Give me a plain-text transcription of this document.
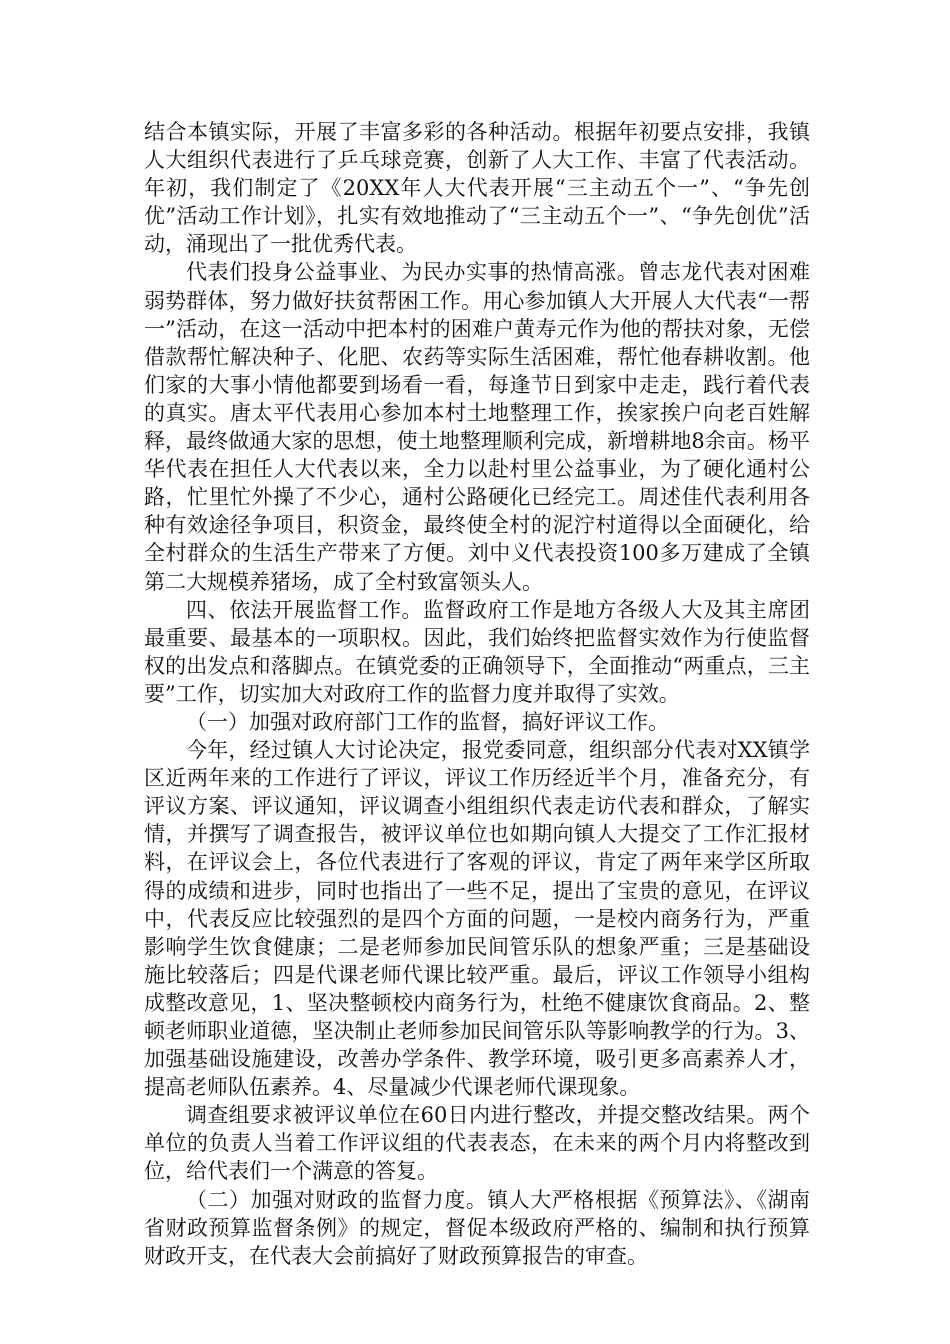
结合本镇实际，开展了丰富多彩的各种活动。根据年初要点安排，我镇人大组织代表进行了乒乓球竞赛，创新了人大工作、丰富了代表活动。年初，我们制定了《20XX年人大代表开展“三主动五个一”、“争先创优”活动工作计划》，扎实有效地推动了“三主动五个一”、“争先创优”活动，涌现出了一批优秀代表。

代表们投身公益事业、为民办实事的热情高涨。曾志龙代表对困难弱势群体，努力做好扶贫帮困工作。用心参加镇人大开展人大代表“一帮一”活动，在这一活动中把本村的困难户黄寿元作为他的帮扶对象，无偿借款帮忙解决种子、化肥、农药等实际生活困难，帮忙他春耕收割。他们家的大事小情他都要到场看一看，每逢节日到家中走走，践行着代表的真实。唐太平代表用心参加本村土地整理工作，挨家挨户向老百姓解释，最终做通大家的思想，使土地整理顺利完成，新增耕地8余亩。杨平华代表在担任人大代表以来，全力以赴村里公益事业，为了硬化通村公路，忙里忙外操了不少心，通村公路硬化已经完工。周述佳代表利用各种有效途径争项目，积资金，最终使全村的泥泞村道得以全面硬化，给全村群众的生活生产带来了方便。刘中义代表投资100多万建成了全镇第二大规模养猪场，成了全村致富领头人。

四、依法开展监督工作。监督政府工作是地方各级人大及其主席团最重要、最基本的一项职权。因此，我们始终把监督实效作为行使监督权的出发点和落脚点。在镇党委的正确领导下，全面推动“两重点，三主要”工作，切实加大对政府工作的监督力度并取得了实效。

（一）加强对政府部门工作的监督，搞好评议工作。

今年，经过镇人大讨论决定，报党委同意，组织部分代表对XX镇学区近两年来的工作进行了评议，评议工作历经近半个月，准备充分，有评议方案、评议通知，评议调查小组组织代表走访代表和群众，了解实情，并撰写了调查报告，被评议单位也如期向镇人大提交了工作汇报材料，在评议会上，各位代表进行了客观的评议，肯定了两年来学区所取得的成绩和进步，同时也指出了一些不足，提出了宝贵的意见，在评议中，代表反应比较强烈的是四个方面的问题，一是校内商务行为，严重影响学生饮食健康；二是老师参加民间管乐队的想象严重；三是基础设施比较落后；四是代课老师代课比较严重。最后，评议工作领导小组构成整改意见，1、坚决整顿校内商务行为，杜绝不健康饮食商品。2、整顿老师职业道德，坚决制止老师参加民间管乐队等影响教学的行为。3、加强基础设施建设，改善办学条件、教学环境，吸引更多高素养人才，提高老师队伍素养。4、尽量减少代课老师代课现象。

调查组要求被评议单位在60日内进行整改，并提交整改结果。两个单位的负责人当着工作评议组的代表表态，在未来的两个月内将整改到位，给代表们一个满意的答复。

（二）加强对财政的监督力度。镇人大严格根据《预算法》、《湖南省财政预算监督条例》的规定，督促本级政府严格的、编制和执行预算财政开支，在代表大会前搞好了财政预算报告的审查。
